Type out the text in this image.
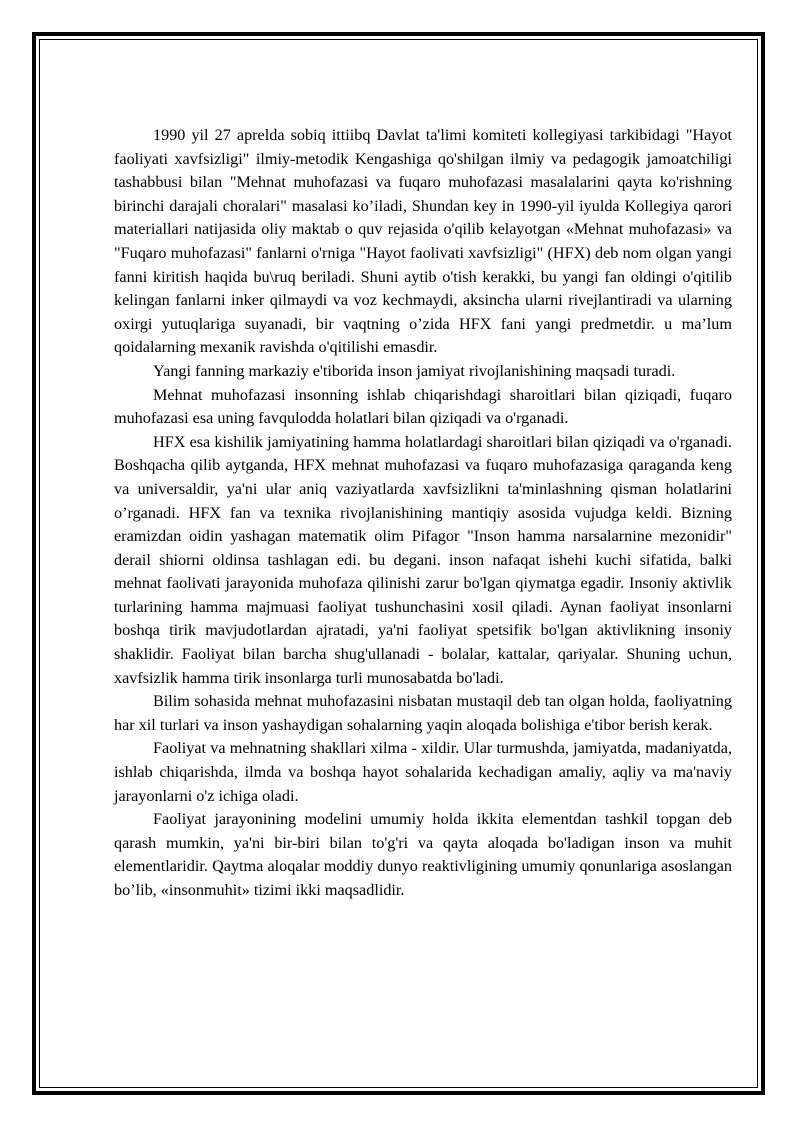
1990 yil 27 aprelda sobiq ittiibq Davlat ta'limi komiteti kollegiyasi tarkibidagi "Hayot faoliyati xavfsizligi" ilmiy-metodik Kengashiga qo'shilgan ilmiy va pedagogik jamoatchiligi tashabbusi bilan "Mehnat muhofazasi va fuqaro muhofazasi masalalarini qayta ko'rishning birinchi darajali choralari" masalasi ko’iladi, Shundan key in 1990-yil iyulda Kollegiya qarori materiallari natijasida oliy maktab o quv rejasida o'qilib kelayotgan «Mehnat muhofazasi» va "Fuqaro muhofazasi" fanlarni o'rniga "Hayot faolivati xavfsizligi" (HFX) deb nom olgan yangi fanni kiritish haqida bu\ruq beriladi. Shuni aytib o'tish kerakki, bu yangi fan oldingi o'qitilib kelingan fanlarni inker qilmaydi va voz kechmaydi, aksincha ularni rivejlantiradi va ularning oxirgi yutuqlariga suyanadi, bir vaqtning o’zida HFX fani yangi predmetdir. u ma’lum qoidalarning mexanik ravishda o'qitilishi emasdir.

Yangi fanning markaziy e'tiborida inson jamiyat rivojlanishining maqsadi turadi.

Mehnat muhofazasi insonning ishlab chiqarishdagi sharoitlari bilan qiziqadi, fuqaro muhofazasi esa uning favqulodda holatlari bilan qiziqadi va o'rganadi.

HFX esa kishilik jamiyatining hamma holatlardagi sharoitlari bilan qiziqadi va o'rganadi. Boshqacha qilib aytganda, HFX mehnat muhofazasi va fuqaro muhofazasiga qaraganda keng va universaldir, ya'ni ular aniq vaziyatlarda xavfsizlikni ta'minlashning qisman holatlarini o’rganadi. HFX fan va texnika rivojlanishining mantiqiy asosida vujudga keldi. Bizning eramizdan oidin yashagan matematik olim Pifagor "Inson hamma narsalarnine mezonidir" derail shiorni oldinsa tashlagan edi. bu degani. inson nafaqat ishehi kuchi sifatida, balki mehnat faolivati jarayonida muhofaza qilinishi zarur bo'lgan qiymatga egadir. Insoniy aktivlik turlarining hamma majmuasi faoliyat tushunchasini xosil qiladi. Aynan faoliyat insonlarni boshqa tirik mavjudotlardan ajratadi, ya'ni faoliyat spetsifik bo'lgan aktivlikning insoniy shaklidir. Faoliyat bilan barcha shug'ullanadi - bolalar, kattalar, qariyalar. Shuning uchun, xavfsizlik hamma tirik insonlarga turli munosabatda bo'ladi.

Bilim sohasida mehnat muhofazasini nisbatan mustaqil deb tan olgan holda, faoliyatning har xil turlari va inson yashaydigan sohalarning yaqin aloqada bolishiga e'tibor berish kerak.

Faoliyat va mehnatning shakllari xilma - xildir. Ular turmushda, jamiyatda, madaniyatda, ishlab chiqarishda, ilmda va boshqa hayot sohalarida kechadigan amaliy, aqliy va ma'naviy jarayonlarni o'z ichiga oladi.

Faoliyat jarayonining modelini umumiy holda ikkita elementdan tashkil topgan deb qarash mumkin, ya'ni bir-biri bilan to'g'ri va qayta aloqada bo'ladigan inson va muhit elementlaridir. Qaytma aloqalar moddiy dunyo reaktivligining umumiy qonunlariga asoslangan bo’lib, «insonmuhit» tizimi ikki maqsadlidir.
